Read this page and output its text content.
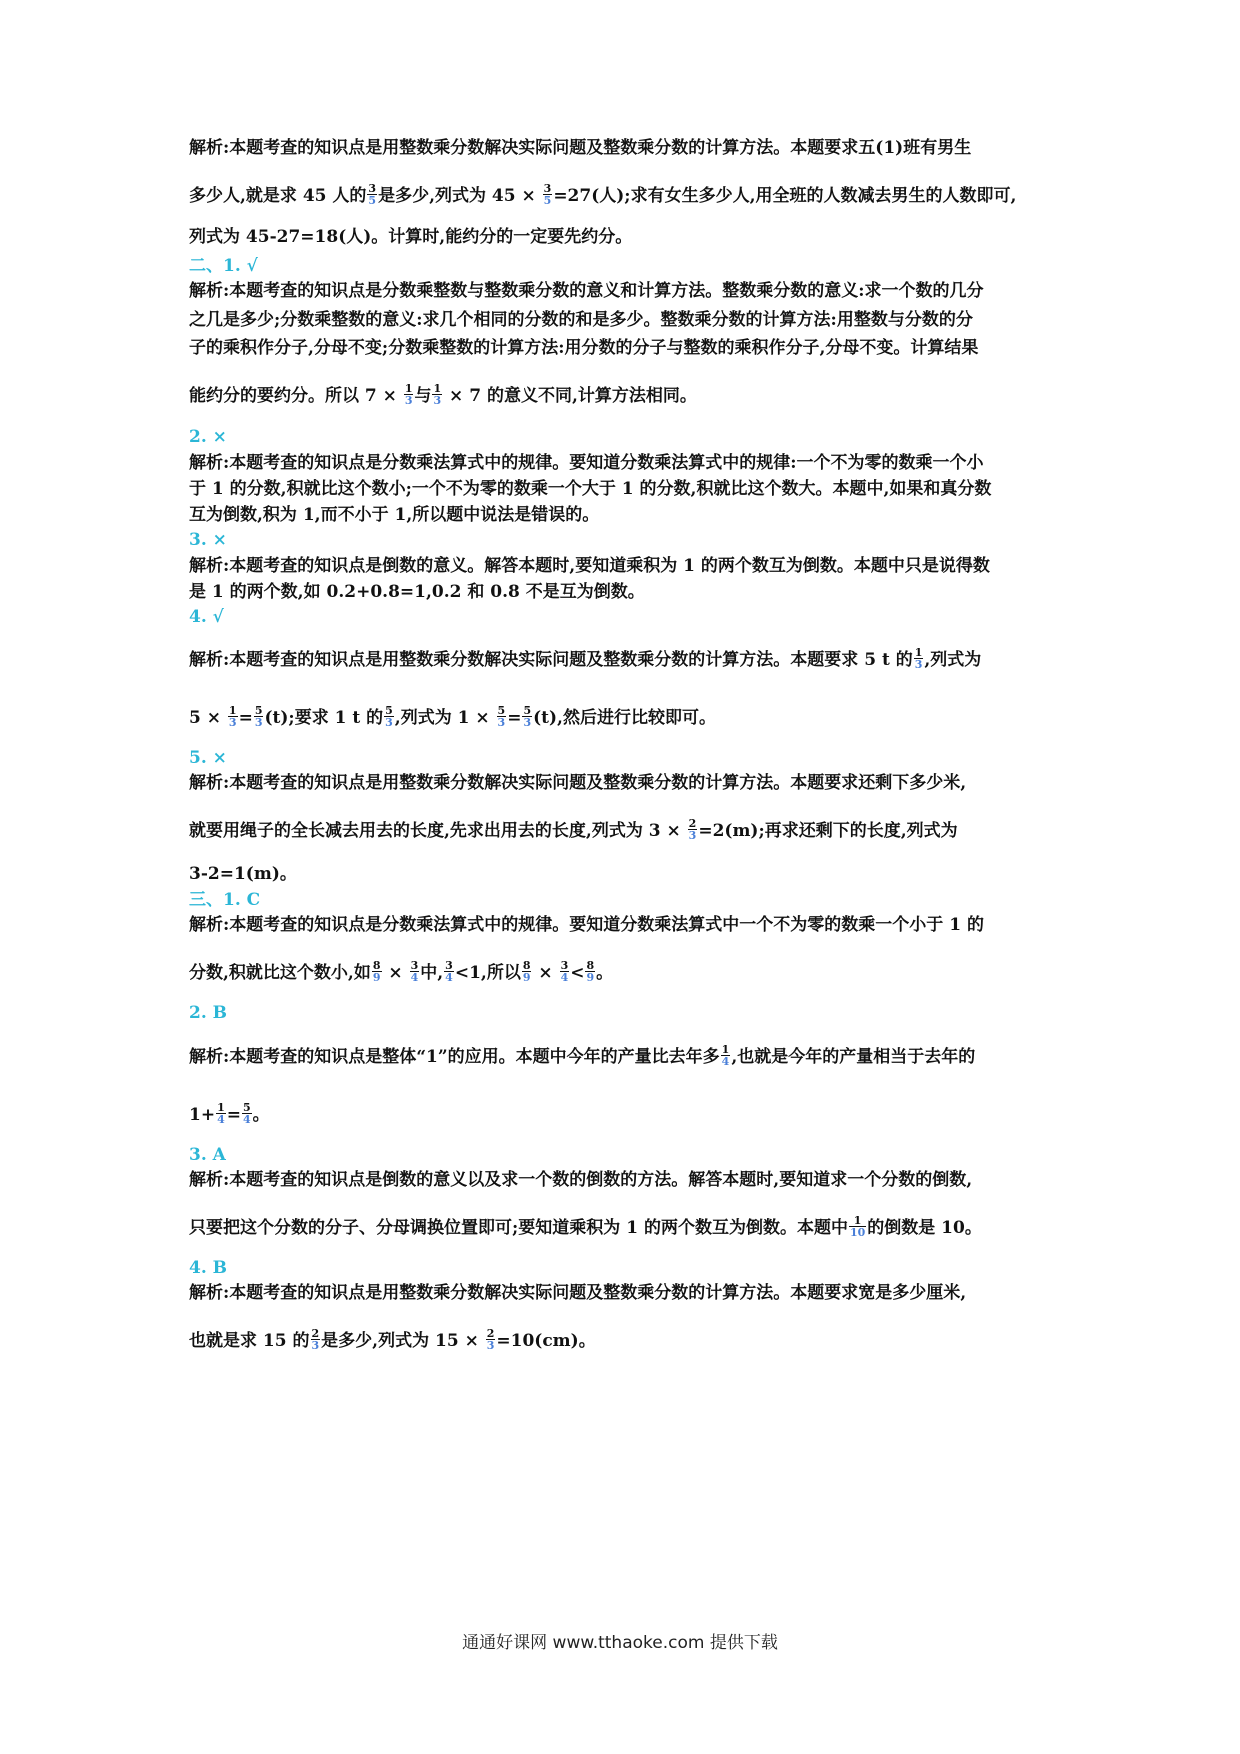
解析:本题考查的知识点是用整数乘分数解决实际问题及整数乘分数的计算方法。本题要求五(1)班有男生
多少人,就是求 45 人的 $\frac{3}{5}$ 是多少,列式为 $45 \times \frac{3}{5} =27$(人);求有女生多少人,用全班的人数减去男生的人数即可,
列式为 45-27=18(人)。计算时,能约分的一定要先约分。
二、1. √
解析:本题考查的知识点是分数乘整数与整数乘分数的意义和计算方法。整数乘分数的意义:求一个数的几分
之几是多少;分数乘整数的意义:求几个相同的分数的和是多少。整数乘分数的计算方法:用整数与分数的分
子的乘积作分子,分母不变;分数乘整数的计算方法:用分数的分子与整数的乘积作分子,分母不变。计算结果
能约分的要约分。所以 $7 \times \frac{1}{3}$ 与 $\frac{1}{3} \times 7$ 的意义不同,计算方法相同。
2. ×
解析:本题考查的知识点是分数乘法算式中的规律。要知道分数乘法算式中的规律:一个不为零的数乘一个小
于 1 的分数,积就比这个数小;一个不为零的数乘一个大于 1 的分数,积就比这个数大。本题中,如果和真分数
互为倒数,积为 1,而不小于 1,所以题中说法是错误的。
3. ×
解析:本题考查的知识点是倒数的意义。解答本题时,要知道乘积为 1 的两个数互为倒数。本题中只是说得数
是 1 的两个数,如 0.2+0.8=1,0.2 和 0.8 不是互为倒数。
4. √
解析:本题考查的知识点是用整数乘分数解决实际问题及整数乘分数的计算方法。本题要求 5 t 的 $\frac{1}{3}$ ,列式为
$5 \times \frac{1}{3} = \frac{5}{3} (t)$;要求 1 t 的 $\frac{5}{3}$ ,列式为 $1 \times \frac{5}{3} = \frac{5}{3} (t)$,然后进行比较即可。
5. ×
解析:本题考查的知识点是用整数乘分数解决实际问题及整数乘分数的计算方法。本题要求还剩下多少米,
就要用绳子的全长减去用去的长度,先求出用去的长度,列式为 $3 \times \frac{2}{3} =2(m)$;再求还剩下的长度,列式为
3-2=1(m)。
三、1. C
解析:本题考查的知识点是分数乘法算式中的规律。要知道分数乘法算式中一个不为零的数乘一个小于 1 的
分数,积就比这个数小,如 $\frac{8}{9} \times \frac{3}{4}$ 中, $\frac{3}{4} <1$,所以 $\frac{8}{9} \times \frac{3}{4} < \frac{8}{9}$ 。
2. B
解析:本题考查的知识点是整体“1”的应用。本题中今年的产量比去年多 $\frac{1}{4}$ ,也就是今年的产量相当于去年的
$1+ \frac{1}{4} = \frac{5}{4}$ 。
3. A
解析:本题考查的知识点是倒数的意义以及求一个数的倒数的方法。解答本题时,要知道求一个分数的倒数,
只要把这个分数的分子、分母调换位置即可;要知道乘积为 1 的两个数互为倒数。本题中 $\frac{1}{10}$ 的倒数是 10。
4. B
解析:本题考查的知识点是用整数乘分数解决实际问题及整数乘分数的计算方法。本题要求宽是多少厘米,
也就是求 15 的 $\frac{2}{3}$ 是多少,列式为 $15 \times \frac{2}{3} =10(cm)$。
通通好课网 www.tthaoke.com 提供下载
